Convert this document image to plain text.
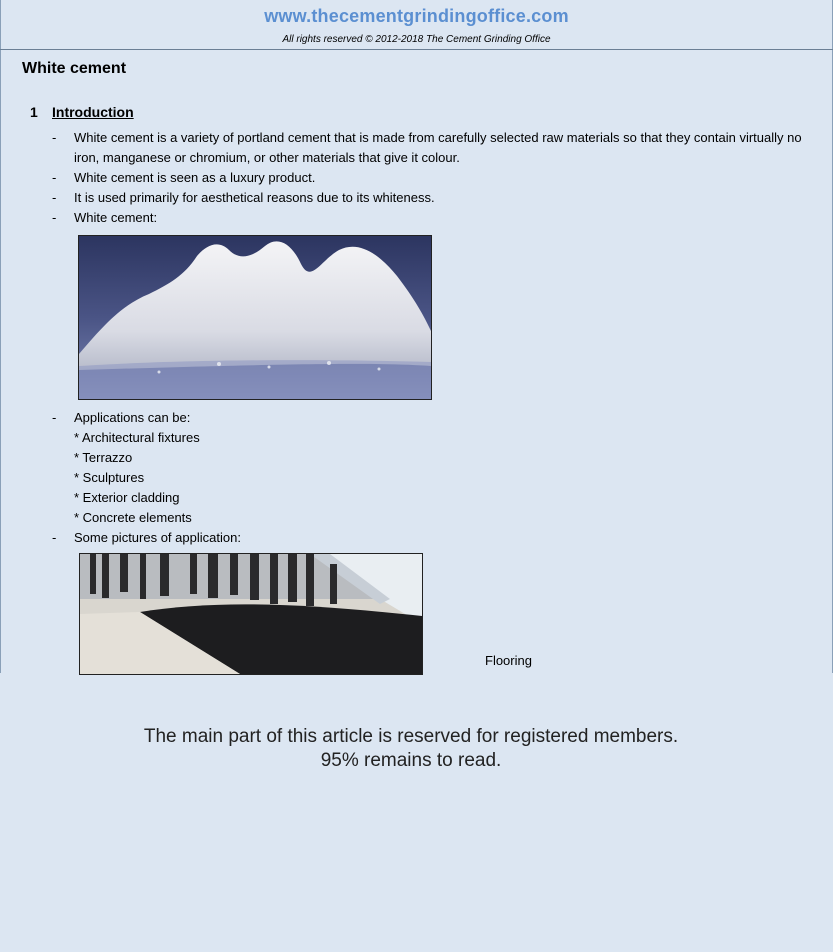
www.thecementgrindingoffice.com
All rights reserved © 2012-2018 The Cement Grinding Office
White cement
1 Introduction
- White cement is a variety of portland cement that is made from carefully selected raw materials so that they contain virtually no iron, manganese or chromium, or other materials that give it colour.
- White cement is seen as a luxury product.
- It is used primarily for aesthetical reasons due to its whiteness.
- White cement:
- Applications can be:
* Architectural fixtures
* Terrazzo
* Sculptures
* Exterior cladding
* Concrete elements
- Some pictures of application:
Flooring
The main part of this article is reserved for registered members.
95% remains to read.
